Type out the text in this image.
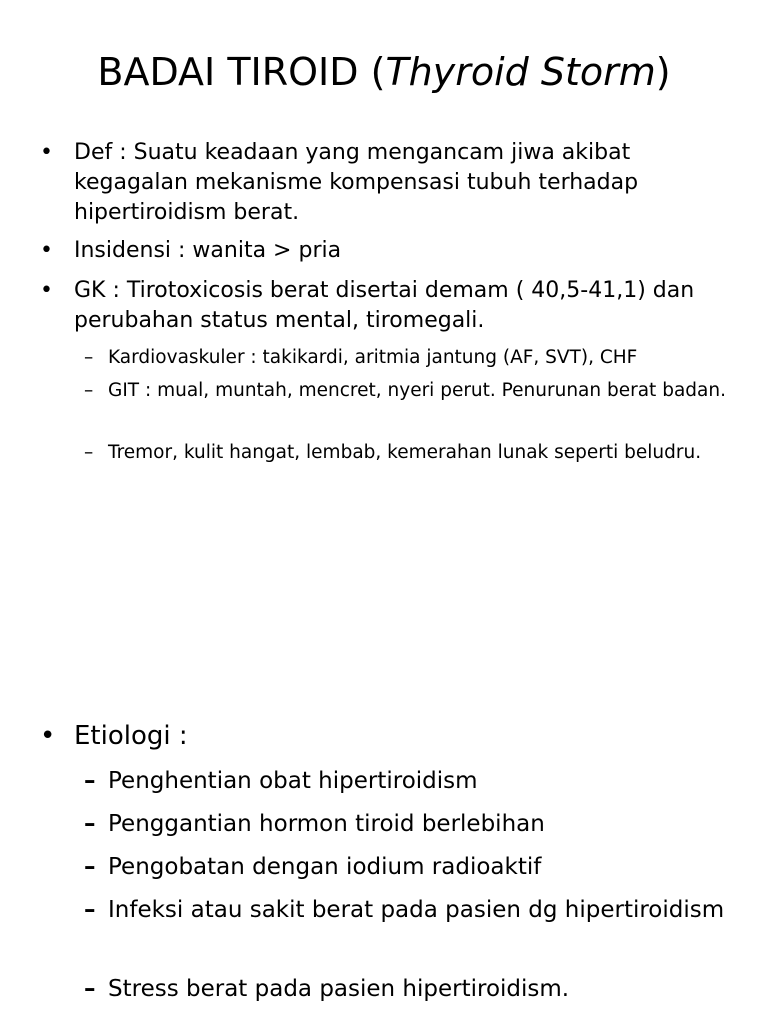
BADAI TIROID (Thyroid Storm)
• Def : Suatu keadaan yang mengancam jiwa akibat kegagalan mekanisme kompensasi tubuh terhadap hipertiroidism berat.
• Insidensi : wanita > pria
• GK : Tirotoxicosis berat disertai demam ( 40,5-41,1) dan perubahan status mental, tiromegali.
– Kardiovaskuler : takikardi, aritmia jantung (AF, SVT), CHF
– GIT : mual, muntah, mencret, nyeri perut. Penurunan berat badan.
– Tremor, kulit hangat, lembab, kemerahan lunak seperti beludru.
• Etiologi :
– Penghentian obat hipertiroidism
– Penggantian hormon tiroid berlebihan
– Pengobatan dengan iodium radioaktif
– Infeksi atau sakit berat pada pasien dg hipertiroidism
– Stress berat pada pasien hipertiroidism.
